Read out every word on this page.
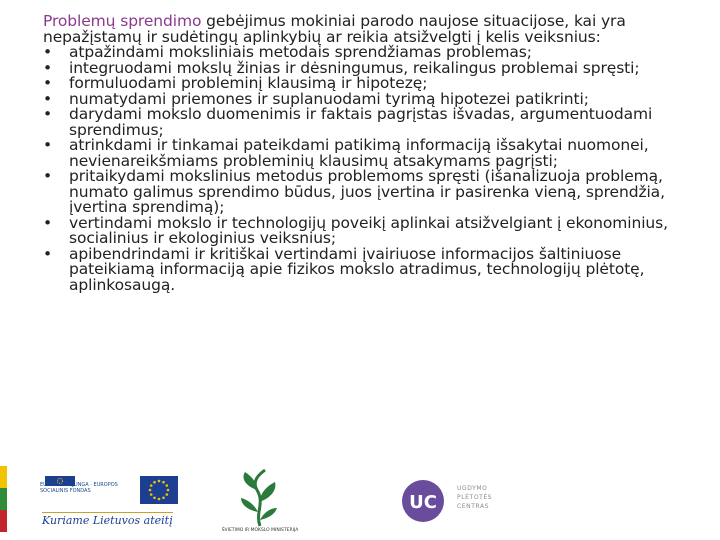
Problemų sprendimo gebėjimus mokiniai parodo naujose situacijose, kai yra nepažįstamų ir sudėtingų aplinkybių ar reikia atsižvelgti į kelis veiksnius:

• atpažindami moksliniais metodais sprendžiamas problemas;
• integruodami mokslų žinias ir dėsningumus, reikalingus problemai spręsti;
• formuluodami probleminį klausimą ir hipotezę;
• numatydami priemones ir suplanuodami tyrimą hipotezei patikrinti;
• darydami mokslo duomenimis ir faktais pagrįstas išvadas, argumentuodami sprendimus;
• atrinkdami ir tinkamai pateikdami patikimą informaciją išsakytai nuomonei, nevienareikšmiams probleminių klausimų atsakymams pagrįsti;
• pritaikydami mokslinius metodus problemoms spręsti (išanalizuoja problemą, numato galimus sprendimo būdus, juos įvertina ir pasirenka vieną, sprendžia, įvertina sprendimą);
• vertindami mokslo ir technologijų poveikį aplinkai atsižvelgiant į ekonominius, socialinius ir ekologinius veiksnius;
• apibendrindami ir kritiškai vertindami įvairiuose informacijos šaltiniuose pateikiamą informaciją apie fizikos mokslo atradimus, technologijų plėtotę, aplinkosaugą.
EUROPOS SĄJUNGA · EUROPOS SOCIALINIS FONDAS
Kuriame Lietuvos ateitį
ŠVIETIMO IR MOKSLO MINISTERIJA
UC
UGDYMO
PLĖTOTĖS
CENTRAS
